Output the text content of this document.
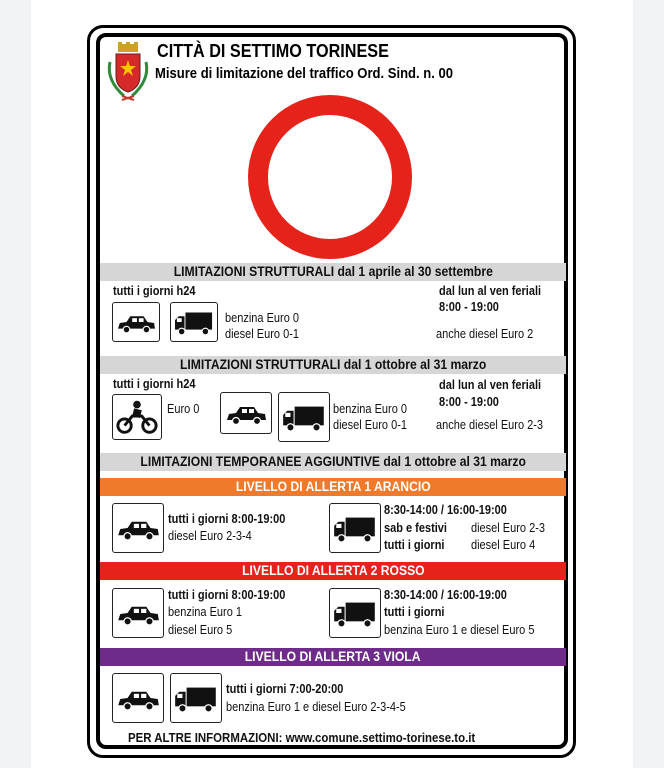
CITTÀ DI SETTIMO TORINESE
Misure di limitazione del traffico Ord. Sind. n. 00
LIMITAZIONI STRUTTURALI dal 1 aprile al 30 settembre
tutti i giorni h24
benzina Euro 0
diesel Euro 0-1
dal lun al ven feriali
8:00 - 19:00
anche diesel Euro 2
LIMITAZIONI STRUTTURALI dal 1 ottobre al 31 marzo
tutti i giorni h24
Euro 0	benzina Euro 0
diesel Euro 0-1
dal lun al ven feriali
8:00 - 19:00
anche diesel Euro 2-3
LIMITAZIONI TEMPORANEE AGGIUNTIVE dal 1 ottobre al 31 marzo
LIVELLO DI ALLERTA 1 ARANCIO
tutti i giorni 8:00-19:00
diesel Euro 2-3-4
8:30-14:00 / 16:00-19:00
sab e festivi diesel Euro 2-3
tutti i giorni diesel Euro 4
LIVELLO DI ALLERTA 2 ROSSO
tutti i giorni 8:00-19:00
benzina Euro 1
diesel Euro 5
8:30-14:00 / 16:00-19:00
tutti i giorni
benzina Euro 1 e diesel Euro 5
LIVELLO DI ALLERTA 3 VIOLA
tutti i giorni 7:00-20:00
benzina Euro 1 e diesel Euro 2-3-4-5
PER ALTRE INFORMAZIONI: www.comune.settimo-torinese.to.it
